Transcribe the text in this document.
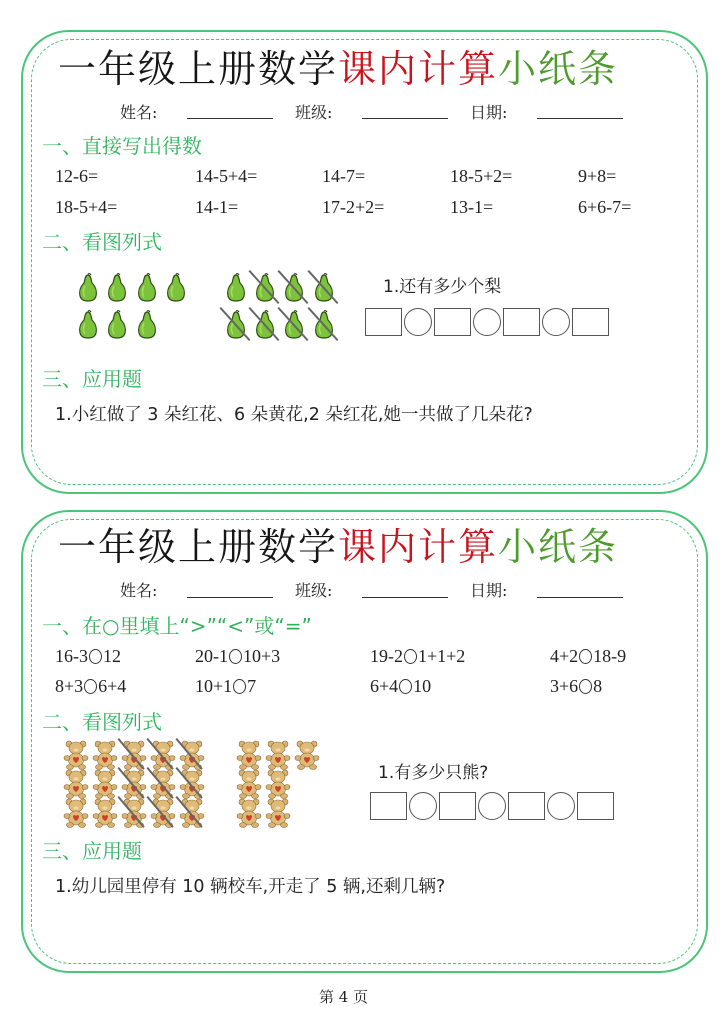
一年级上册数学课内计算小纸条
姓名:	班级:	日期:
一、直接写出得数
12-6=	14-5+4=	14-7=	18-5+2=	9+8=
18-5+4=	14-1=	17-2+2=	13-1=	6+6-7=
二、看图列式
1.还有多少个梨
三、应用题
1.小红做了 3 朵红花、6 朵黄花,2 朵红花,她一共做了几朵花?
一年级上册数学课内计算小纸条
姓名:	班级:	日期:
一、在○里填上“>”“<”或“=”
16-3 12	20-1 10+3	19-2 1+1+2	4+2 18-9
8+3 6+4	10+1 7	6+4 10	3+6 8
二、看图列式
1.有多少只熊?
三、应用题
1.幼儿园里停有 10 辆校车,开走了 5 辆,还剩几辆?
第 4 页
